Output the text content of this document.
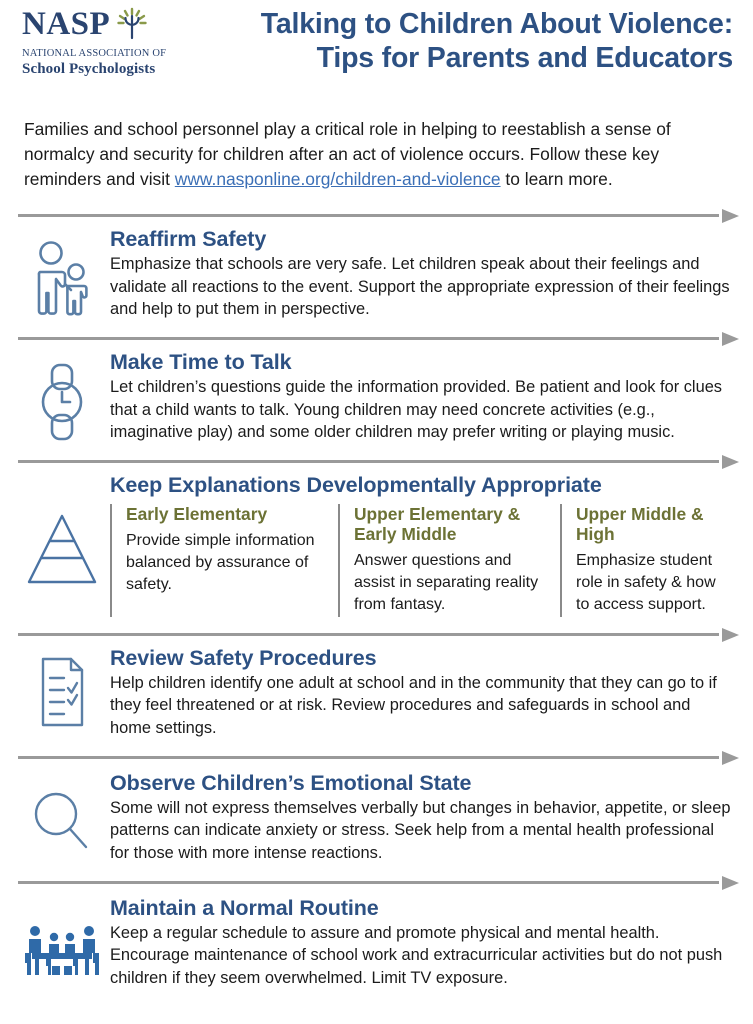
NASP
NATIONAL ASSOCIATION OF
School Psychologists
Talking to Children About Violence:
Tips for Parents and Educators

Families and school personnel play a critical role in helping to reestablish a sense of normalcy and security for children after an act of violence occurs. Follow these key reminders and visit www.nasponline.org/children-and-violence to learn more.

Reaffirm Safety

Emphasize that schools are very safe. Let children speak about their feelings and validate all reactions to the event. Support the appropriate expression of their feelings and help to put them in perspective.

Make Time to Talk

Let children’s questions guide the information provided. Be patient and look for clues that a child wants to talk. Young children may need concrete activities (e.g., imaginative play) and some older children may prefer writing or playing music.

Keep Explanations Developmentally Appropriate
Early Elementary

Provide simple information balanced by assurance of safety.

Upper Elementary & Early Middle

Answer questions and assist in separating reality from fantasy.

Upper Middle & High

Emphasize student role in safety & how to access support.

Review Safety Procedures

Help children identify one adult at school and in the community that they can go to if they feel threatened or at risk. Review procedures and safeguards in school and home settings.

Observe Children’s Emotional State

Some will not express themselves verbally but changes in behavior, appetite, or sleep patterns can indicate anxiety or stress. Seek help from a mental health professional for those with more intense reactions.

Maintain a Normal Routine

Keep a regular schedule to assure and promote physical and mental health. Encourage maintenance of school work and extracurricular activities but do not push children if they seem overwhelmed. Limit TV exposure.
